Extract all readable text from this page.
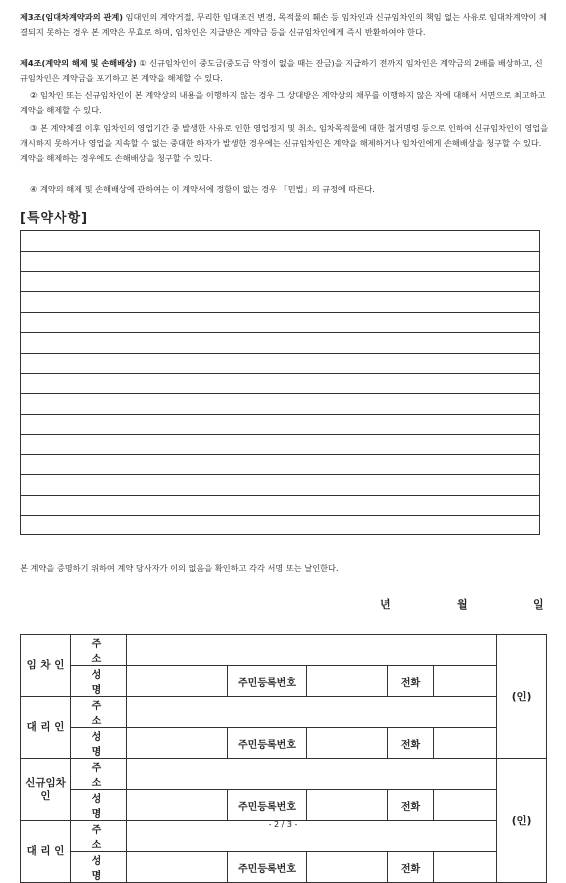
제3조(임대차계약과의 관계) 임대인의 계약거절, 무리한 임대조건 변경, 목적물의 훼손 등 임차인과 신규임차인의 책임 없는 사유로 임대차계약이 체결되지 못하는 경우 본 계약은 무효로 하며, 임차인은 지급받은 계약금 등을 신규임차인에게 즉시 반환하여야 한다.
제4조(계약의 해제 및 손해배상) ① 신규임차인이 중도금(중도금 약정이 없을 때는 잔금)을 지급하기 전까지 임차인은 계약금의 2배를 배상하고, 신규임차인은 계약금을 포기하고 본 계약을 해제할 수 있다.
② 임차인 또는 신규임차인이 본 계약상의 내용을 이행하지 않는 경우 그 상대방은 계약상의 채무를 이행하지 않은 자에 대해서 서면으로 최고하고 계약을 해제할 수 있다.
③ 본 계약체결 이후 임차인의 영업기간 중 발생한 사유로 인한 영업정지 및 취소, 임차목적물에 대한 철거명령 등으로 인하여 신규임차인이 영업을 개시하지 못하거나 영업을 지속할 수 없는 중대한 하자가 발생한 경우에는 신규임차인은 계약을 해제하거나 임차인에게 손해배상을 청구할 수 있다. 계약을 해제하는 경우에도 손해배상을 청구할 수 있다.
④ 계약의 해제 및 손해배상에 관하여는 이 계약서에 정함이 없는 경우 「민법」의 규정에 따른다.
[특약사항]
본 계약을 증명하기 위하여 계약 당사자가 이의 없음을 확인하고 각각 서명 또는 날인한다.
년	월	일
임 차 인	주소						(인)
	성명		주민등록번호		전화		
대 리 인	주소						
	성명		주민등록번호		전화		
신규임차인	주소						(인)
	성명		주민등록번호		전화		
대 리 인	주소						
	성명		주민등록번호		전화		
- 2 / 3 -
